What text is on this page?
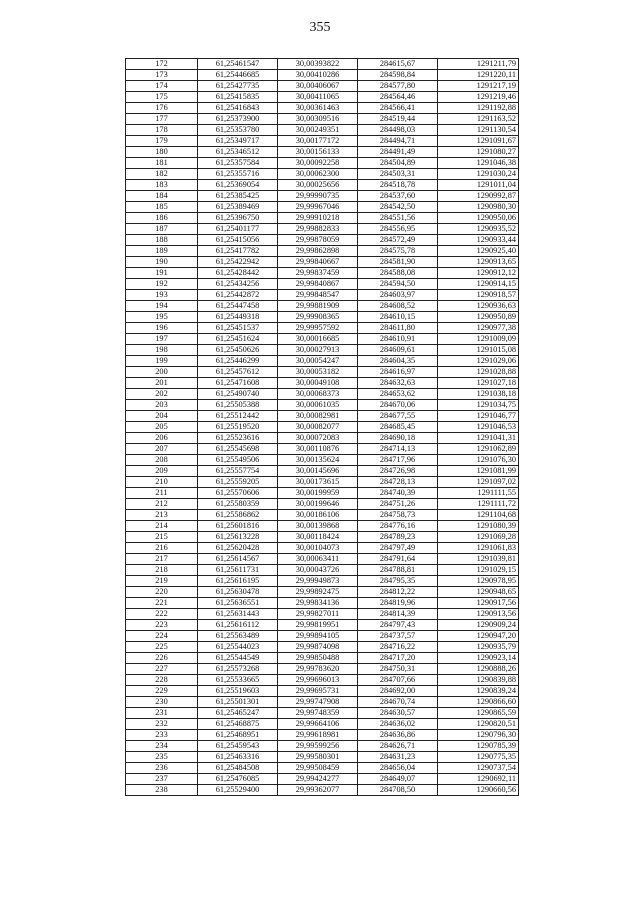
355
172	61,25461547	30,00393822	284615,67	1291211,79
173	61,25446685	30,00410286	284598,84	1291220,11
174	61,25427735	30,00406067	284577,80	1291217,19
175	61,25415835	30,00411065	284564,46	1291219,46
176	61,25416843	30,00361463	284566,41	1291192,88
177	61,25373900	30,00309516	284519,44	1291163,52
178	61,25353780	30,00249351	284498,03	1291130,54
179	61,25349717	30,00177172	284494,71	1291091,67
180	61,25346512	30,00156133	284491,49	1291080,27
181	61,25357584	30,00092258	284504,89	1291046,38
182	61,25355716	30,00062300	284503,31	1291030,24
183	61,25369054	30,00025656	284518,78	1291011,04
184	61,25385425	29,99990735	284537,60	1290992,87
185	61,25389469	29,99967046	284542,50	1290980,30
186	61,25396750	29,99910218	284551,56	1290950,06
187	61,25401177	29,99882833	284556,95	1290935,52
188	61,25415056	29,99878059	284572,49	1290933,44
189	61,25417782	29,99862898	284575,78	1290925,40
190	61,25422942	29,99840667	284581,90	1290913,65
191	61,25428442	29,99837459	284588,08	1290912,12
192	61,25434256	29,99840867	284594,50	1290914,15
193	61,25442872	29,99848547	284603,97	1290918,57
194	61,25447458	29,99881909	284608,52	1290936,63
195	61,25449318	29,99908365	284610,15	1290950,89
196	61,25451537	29,99957592	284611,80	1290977,38
197	61,25451624	30,00016685	284610,91	1291009,09
198	61,25450626	30,00027913	284609,61	1291015,08
199	61,25446299	30,00054247	284604,35	1291029,06
200	61,25457612	30,00053182	284616,97	1291028,88
201	61,25471608	30,00049108	284632,63	1291027,18
202	61,25490740	30,00068373	284653,62	1291038,18
203	61,25505388	30,00061035	284670,06	1291034,75
204	61,25512442	30,00082981	284677,55	1291046,77
205	61,25519520	30,00082077	284685,45	1291046,53
206	61,25523616	30,00072083	284690,18	1291041,31
207	61,25545698	30,00110876	284714,13	1291062,89
208	61,25549506	30,00135624	284717,96	1291076,30
209	61,25557754	30,00145696	284726,98	1291081,99
210	61,25559205	30,00173615	284728,13	1291097,02
211	61,25570606	30,00199959	284740,39	1291111,55
212	61,25580359	30,00199646	284751,26	1291111,72
213	61,25586862	30,00186106	284758,73	1291104,68
214	61,25601816	30,00139868	284776,16	1291080,39
215	61,25613228	30,00118424	284789,23	1291069,28
216	61,25620428	30,00104073	284797,49	1291061,83
217	61,25614567	30,00063411	284791,64	1291039,81
218	61,25611731	30,00043726	284788,81	1291029,15
219	61,25616195	29,99949873	284795,35	1290978,95
220	61,25630478	29,99892475	284812,22	1290948,65
221	61,25636551	29,99834136	284819,96	1290917,56
222	61,25631443	29,99827011	284814,39	1290913,56
223	61,25616112	29,99819951	284797,43	1290909,24
224	61,25563489	29,99894105	284737,57	1290947,20
225	61,25544023	29,99874098	284716,22	1290935,79
226	61,25544549	29,99850488	284717,20	1290923,14
227	61,25573268	29,99783620	284750,31	1290888,26
228	61,25533665	29,99696013	284707,66	1290839,88
229	61,25519603	29,99695731	284692,00	1290839,24
230	61,25501301	29,99747908	284670,74	1290866,60
231	61,25465247	29,99748359	284630,57	1290865,59
232	61,25468875	29,99664106	284636,02	1290820,51
233	61,25468951	29,99618981	284636,86	1290796,30
234	61,25459543	29,99599256	284626,71	1290785,39
235	61,25463316	29,99580301	284631,23	1290775,35
236	61,25484508	29,99508459	284656,04	1290737,54
237	61,25476085	29,99424277	284649,07	1290692,11
238	61,25529400	29,99362077	284708,50	1290660,56
